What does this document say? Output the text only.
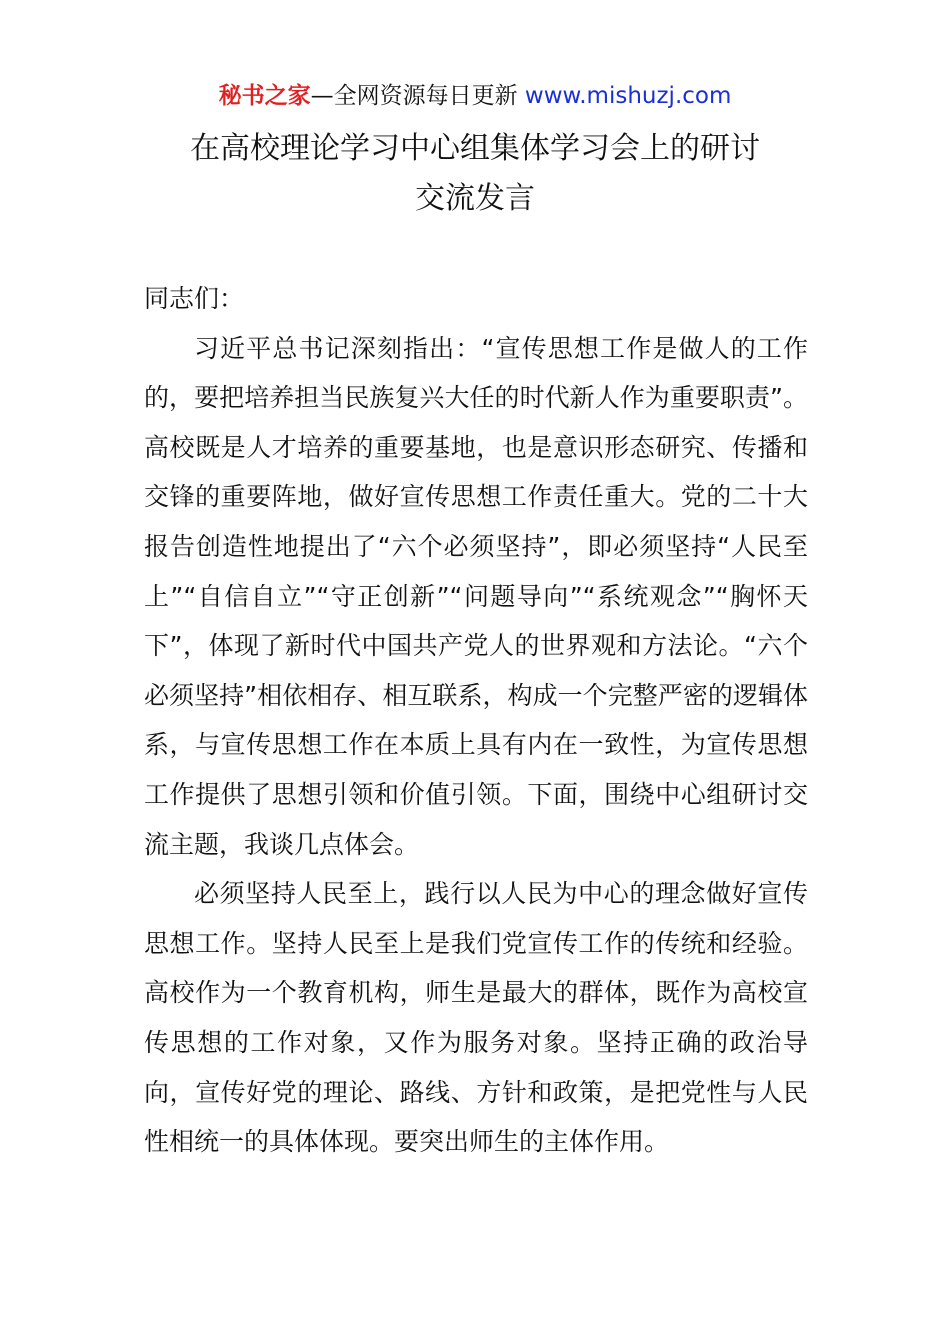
秘书之家—全网资源每日更新 www.mishuzj.com
在高校理论学习中心组集体学习会上的研讨
交流发言

同志们：

习近平总书记深刻指出：“宣传思想工作是做人的工作的，要把培养担当民族复兴大任的时代新人作为重要职责”。高校既是人才培养的重要基地，也是意识形态研究、传播和交锋的重要阵地，做好宣传思想工作责任重大。党的二十大报告创造性地提出了“六个必须坚持”，即必须坚持“人民至上”“自信自立”“守正创新”“问题导向”“系统观念”“胸怀天下”，体现了新时代中国共产党人的世界观和方法论。“六个必须坚持”相依相存、相互联系，构成一个完整严密的逻辑体系，与宣传思想工作在本质上具有内在一致性，为宣传思想工作提供了思想引领和价值引领。下面，围绕中心组研讨交流主题，我谈几点体会。

必须坚持人民至上，践行以人民为中心的理念做好宣传思想工作。坚持人民至上是我们党宣传工作的传统和经验。高校作为一个教育机构，师生是最大的群体，既作为高校宣传思想的工作对象，又作为服务对象。坚持正确的政治导向，宣传好党的理论、路线、方针和政策，是把党性与人民性相统一的具体体现。要突出师生的主体作用。
